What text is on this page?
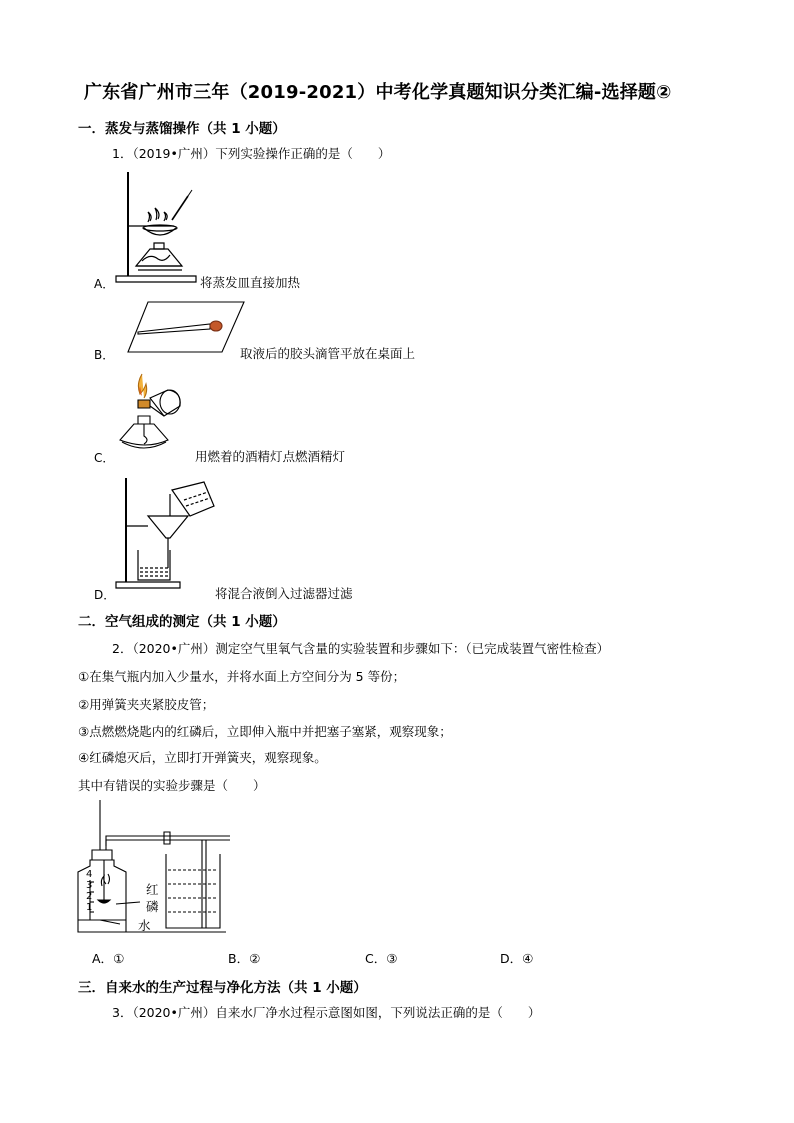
广东省广州市三年（2019-2021）中考化学真题知识分类汇编-选择题②
一．蒸发与蒸馏操作（共 1 小题）
1．（2019•广州）下列实验操作正确的是（　　）
A．	将蒸发皿直接加热
B．	取液后的胶头滴管平放在桌面上
C．	用燃着的酒精灯点燃酒精灯
D．	将混合液倒入过滤器过滤
二．空气组成的测定（共 1 小题）
2．（2020•广州）测定空气里氧气含量的实验装置和步骤如下：（已完成装置气密性检查）
①在集气瓶内加入少量水，并将水面上方空间分为 5 等份；
②用弹簧夹夹紧胶皮管；
③点燃燃烧匙内的红磷后，立即伸入瓶中并把塞子塞紧，观察现象；
④红磷熄灭后，立即打开弹簧夹，观察现象。
其中有错误的实验步骤是（　　）
4
3
2
1
红
磷
水
A．①	B．②	C．③	D．④
三．自来水的生产过程与净化方法（共 1 小题）
3．（2020•广州）自来水厂净水过程示意图如图，下列说法正确的是（　　）
